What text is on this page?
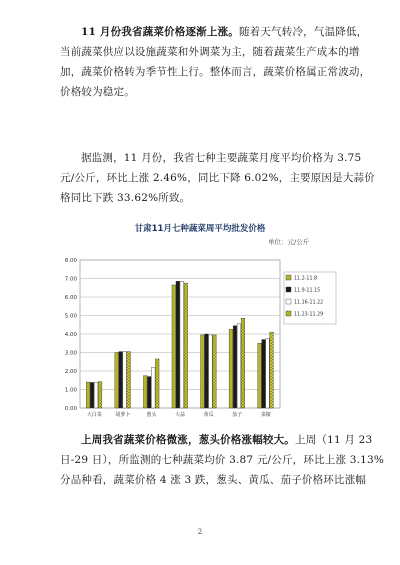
11 月份我省蔬菜价格逐渐上涨。随着天气转冷，气温降低，
当前蔬菜供应以设施蔬菜和外调菜为主，随着蔬菜生产成本的增
加，蔬菜价格转为季节性上行。整体而言，蔬菜价格属正常波动，
价格较为稳定。

据监测，11 月份，我省七种主要蔬菜月度平均价格为 3.75
元/公斤，环比上涨 2.46%，同比下降 6.02%，主要原因是大蒜价
格同比下跌 33.62%所致。

甘肃11月七种蔬菜周平均批发价格
单位：元/公斤
0.00
1.00
2.00
3.00
4.00
5.00
6.00
7.00
8.00
大白菜	胡萝卜	葱头	大蒜	黄瓜	茄子	菜椒
11.2-11.8
11.9-11.15
11.16-11.22
11.23-11.29

上周我省蔬菜价格微涨，葱头价格涨幅较大。上周（11 月 23
日-29 日），所监测的七种蔬菜均价 3.87 元/公斤，环比上涨 3.13%
分品种看，蔬菜价格 4 涨 3 跌，葱头、黄瓜、茄子价格环比涨幅

2
